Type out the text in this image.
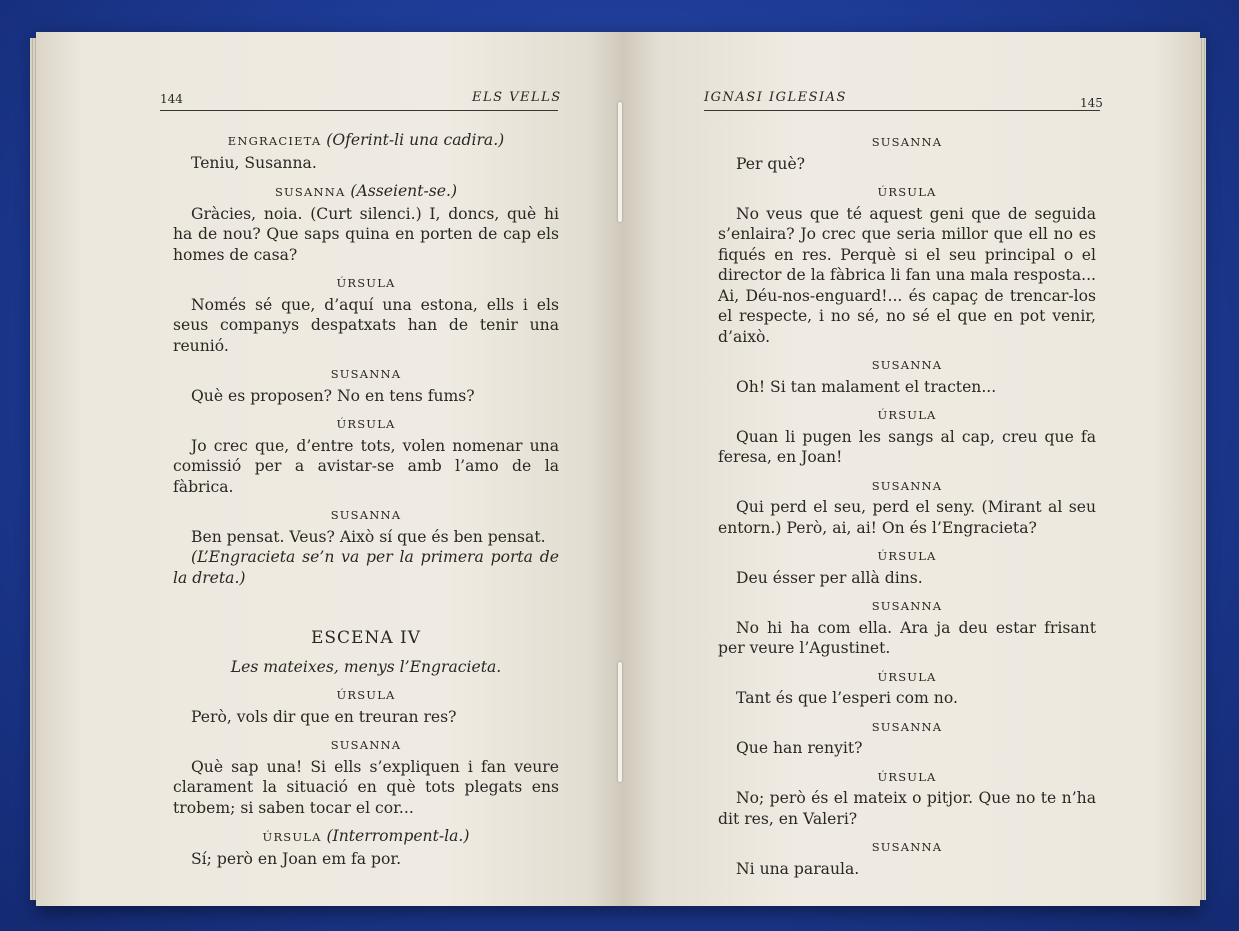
144	ELS VELLS
ENGRACIETA (Oferint-li una cadira.)

Teniu, Susanna.

SUSANNA (Asseient-se.)

Gràcies, noia. (Curt silenci.) I, doncs, què hi ha de nou? Que saps quina en porten de cap els homes de casa?

ÚRSULA

Només sé que, d’aquí una estona, ells i els seus companys despatxats han de tenir una reunió.

SUSANNA

Què es proposen? No en tens fums?

ÚRSULA

Jo crec que, d’entre tots, volen nomenar una comissió per a avistar-se amb l’amo de la fàbrica.

SUSANNA

Ben pensat. Veus? Això sí que és ben pensat.

(L’Engracieta se’n va per la primera porta de la dreta.)

ESCENA IV
Les mateixes, menys l’Engracieta.
ÚRSULA

Però, vols dir que en treuran res?

SUSANNA

Què sap una! Si ells s’expliquen i fan veure clarament la situació en què tots plegats ens trobem; si saben tocar el cor...

ÚRSULA (Interrompent-la.)

Sí; però en Joan em fa por.

IGNASI IGLESIAS	145
SUSANNA

Per què?

ÚRSULA

No veus que té aquest geni que de seguida s’enlaira? Jo crec que seria millor que ell no es fiqués en res. Perquè si el seu principal o el director de la fàbrica li fan una mala resposta... Ai, Déu-nos-enguard!... és capaç de trencar-los el respecte, i no sé, no sé el que en pot venir, d’això.

SUSANNA

Oh! Si tan malament el tracten...

ÚRSULA

Quan li pugen les sangs al cap, creu que fa feresa, en Joan!

SUSANNA

Qui perd el seu, perd el seny. (Mirant al seu entorn.) Però, ai, ai! On és l’Engracieta?

ÚRSULA

Deu ésser per allà dins.

SUSANNA

No hi ha com ella. Ara ja deu estar frisant per veure l’Agustinet.

ÚRSULA

Tant és que l’esperi com no.

SUSANNA

Que han renyit?

ÚRSULA

No; però és el mateix o pitjor. Que no te n’ha dit res, en Valeri?

SUSANNA

Ni una paraula.
